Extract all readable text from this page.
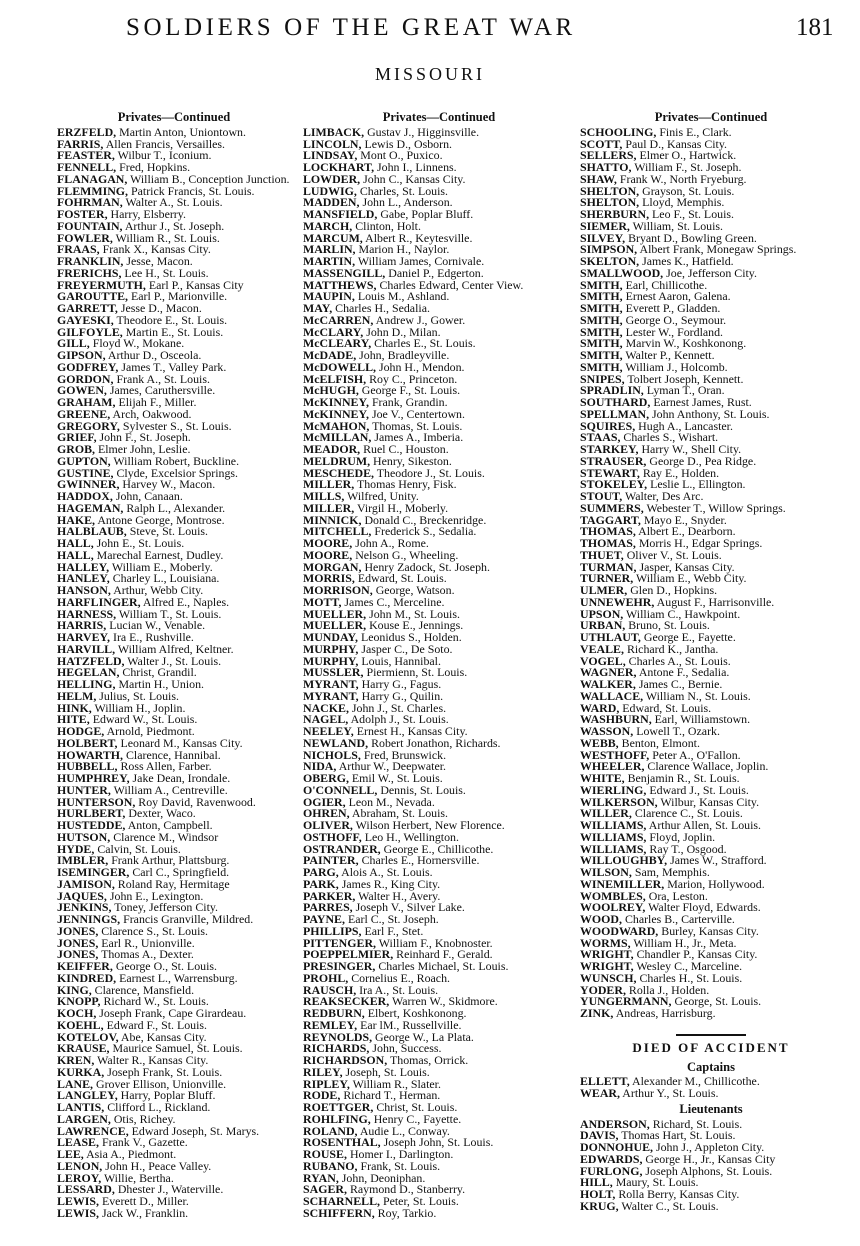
SOLDIERS OF THE GREAT WAR	181
MISSOURI
Privates—Continued
ERZFELD, Martin Anton, Uniontown.
FARRIS, Allen Francis, Versailles.
FEASTER, Wilbur T., Iconium.
FENNELL, Fred, Hopkins.
FLANAGAN, William B., Conception Junction.
FLEMMING, Patrick Francis, St. Louis.
FOHRMAN, Walter A., St. Louis.
FOSTER, Harry, Elsberry.
FOUNTAIN, Arthur J., St. Joseph.
FOWLER, William R., St. Louis.
FRAAS, Frank X., Kansas City.
FRANKLIN, Jesse, Macon.
FRERICHS, Lee H., St. Louis.
FREYERMUTH, Earl P., Kansas City
GAROUTTE, Earl P., Marionville.
GARRETT, Jesse D., Macon.
GAYESKI, Theodore E., St. Louis.
GILFOYLE, Martin E., St. Louis.
GILL, Floyd W., Mokane.
GIPSON, Arthur D., Osceola.
GODFREY, James T., Valley Park.
GORDON, Frank A., St. Louis.
GOWEN, James, Caruthersville.
GRAHAM, Elijah F., Miller.
GREENE, Arch, Oakwood.
GREGORY, Sylvester S., St. Louis.
GRIEF, John F., St. Joseph.
GROB, Elmer John, Leslie.
GUPTON, William Robert, Buckline.
GUSTINE, Clyde, Excelsior Springs.
GWINNER, Harvey W., Macon.
HADDOX, John, Canaan.
HAGEMAN, Ralph L., Alexander.
HAKE, Antone George, Montrose.
HALBLAUB, Steve, St. Louis.
HALL, John E., St. Louis.
HALL, Marechal Earnest, Dudley.
HALLEY, William E., Moberly.
HANLEY, Charley L., Louisiana.
HANSON, Arthur, Webb City.
HARFLINGER, Alfred E., Naples.
HARNESS, William T., St. Louis.
HARRIS, Lucian W., Venable.
HARVEY, Ira E., Rushville.
HARVILL, William Alfred, Keltner.
HATZFELD, Walter J., St. Louis.
HEGELAN, Christ, Grandil.
HELLING, Martin H., Union.
HELM, Julius, St. Louis.
HINK, William H., Joplin.
HITE, Edward W., St. Louis.
HODGE, Arnold, Piedmont.
HOLBERT, Leonard M., Kansas City.
HOWARTH, Clarence, Hannibal.
HUBBELL, Ross Allen, Farber.
HUMPHREY, Jake Dean, Irondale.
HUNTER, William A., Centreville.
HUNTERSON, Roy David, Ravenwood.
HURLBERT, Dexter, Waco.
HUSTEDDE, Anton, Campbell.
HUTSON, Clarence M., Windsor
HYDE, Calvin, St. Louis.
IMBLER, Frank Arthur, Plattsburg.
ISEMINGER, Carl C., Springfield.
JAMISON, Roland Ray, Hermitage
JAQUES, John E., Lexington.
JENKINS, Toney, Jefferson City.
JENNINGS, Francis Granville, Mildred.
JONES, Clarence S., St. Louis.
JONES, Earl R., Unionville.
JONES, Thomas A., Dexter.
KEIFFER, George O., St. Louis.
KINDRED, Earnest L., Warrensburg.
KING, Clarence, Mansfield.
KNOPP, Richard W., St. Louis.
KOCH, Joseph Frank, Cape Girardeau.
KOEHL, Edward F., St. Louis.
KOTELOV, Abe, Kansas City.
KRAUSE, Maurice Samuel, St. Louis.
KREN, Walter R., Kansas City.
KURKA, Joseph Frank, St. Louis.
LANE, Grover Ellison, Unionville.
LANGLEY, Harry, Poplar Bluff.
LANTIS, Clifford L., Rickland.
LARGEN, Otis, Richey.
LAWRENCE, Edward Joseph, St. Marys.
LEASE, Frank V., Gazette.
LEE, Asia A., Piedmont.
LENON, John H., Peace Valley.
LEROY, Willie, Bertha.
LESSARD, Dhester J., Waterville.
LEWIS, Everett D., Miller.
LEWIS, Jack W., Franklin.
Privates—Continued
LIMBACK, Gustav J., Higginsville.
LINCOLN, Lewis D., Osborn.
LINDSAY, Mont O., Puxico.
LOCKHART, John I., Linnens.
LOWDER, John C., Kansas City.
LUDWIG, Charles, St. Louis.
MADDEN, John L., Anderson.
MANSFIELD, Gabe, Poplar Bluff.
MARCH, Clinton, Holt.
MARCUM, Albert R., Keytesville.
MARLIN, Marion H., Naylor.
MARTIN, William James, Cornivale.
MASSENGILL, Daniel P., Edgerton.
MATTHEWS, Charles Edward, Center View.
MAUPIN, Louis M., Ashland.
MAY, Charles H., Sedalia.
McCARREN, Andrew J., Gower.
McCLARY, John D., Milan.
McCLEARY, Charles E., St. Louis.
McDADE, John, Bradleyville.
McDOWELL, John H., Mendon.
McELFISH, Roy C., Princeton.
McHUGH, George F., St. Louis.
McKINNEY, Frank, Grandin.
McKINNEY, Joe V., Centertown.
McMAHON, Thomas, St. Louis.
McMILLAN, James A., Imberia.
MEADOR, Ruel C., Houston.
MELDRUM, Henry, Sikeston.
MESCHEDE, Theodore J., St. Louis.
MILLER, Thomas Henry, Fisk.
MILLS, Wilfred, Unity.
MILLER, Virgil H., Moberly.
MINNICK, Donald C., Breckenridge.
MITCHELL, Frederick S., Sedalia.
MOORE, John A., Rome.
MOORE, Nelson G., Wheeling.
MORGAN, Henry Zadock, St. Joseph.
MORRIS, Edward, St. Louis.
MORRISON, George, Watson.
MOTT, James C., Merceline.
MUELLER, John M., St. Louis.
MUELLER, Kouse E., Jennings.
MUNDAY, Leonidus S., Holden.
MURPHY, Jasper C., De Soto.
MURPHY, Louis, Hannibal.
MUSSLER, Piermienn, St. Louis.
MYRANT, Harry G., Fagus.
MYRANT, Harry G., Quilin.
NACKE, John J., St. Charles.
NAGEL, Adolph J., St. Louis.
NEELEY, Ernest H., Kansas City.
NEWLAND, Robert Jonathon, Richards.
NICHOLS, Fred, Brunswick.
NIDA, Arthur W., Deepwater.
OBERG, Emil W., St. Louis.
O'CONNELL, Dennis, St. Louis.
OGIER, Leon M., Nevada.
OHREN, Abraham, St. Louis.
OLIVER, Wilson Herbert, New Florence.
OSTHOFF, Leo H., Wellington.
OSTRANDER, George E., Chillicothe.
PAINTER, Charles E., Hornersville.
PARG, Alois A., St. Louis.
PARK, James R., King City.
PARKER, Walter H., Avery.
PARRES, Joseph V., Silver Lake.
PAYNE, Earl C., St. Joseph.
PHILLIPS, Earl F., Stet.
PITTENGER, William F., Knobnoster.
POEPPELMIER, Reinhard F., Gerald.
PRESINGER, Charles Michael, St. Louis.
PROHL, Cornelius E., Roach.
RAUSCH, Ira A., St. Louis.
REAKSECKER, Warren W., Skidmore.
REDBURN, Elbert, Koshkonong.
REMLEY, Ear lM., Russellville.
REYNOLDS, George W., La Plata.
RICHARDS, John, Success.
RICHARDSON, Thomas, Orrick.
RILEY, Joseph, St. Louis.
RIPLEY, William R., Slater.
RODE, Richard T., Herman.
ROETTGER, Christ, St. Louis.
ROHLFING, Henry C., Fayette.
ROLAND, Audie L., Conway.
ROSENTHAL, Joseph John, St. Louis.
ROUSE, Homer I., Darlington.
RUBANO, Frank, St. Louis.
RYAN, John, Deoniphan.
SAGER, Raymond D., Stanberry.
SCHARNELL, Peter, St. Louis.
SCHIFFERN, Roy, Tarkio.
Privates—Continued
SCHOOLING, Finis E., Clark.
SCOTT, Paul D., Kansas City.
SELLERS, Elmer O., Hartwick.
SHATTO, William F., St. Joseph.
SHAW, Frank W., North Fryeburg.
SHELTON, Grayson, St. Louis.
SHELTON, Lloyd, Memphis.
SHERBURN, Leo F., St. Louis.
SIEMER, William, St. Louis.
SILVEY, Bryant D., Bowling Green.
SIMPSON, Albert Frank, Monegaw Springs.
SKELTON, James K., Hatfield.
SMALLWOOD, Joe, Jefferson City.
SMITH, Earl, Chillicothe.
SMITH, Ernest Aaron, Galena.
SMITH, Everett P., Gladden.
SMITH, George O., Seymour.
SMITH, Lester W., Fordland.
SMITH, Marvin W., Koshkonong.
SMITH, Walter P., Kennett.
SMITH, William J., Holcomb.
SNIPES, Tolbert Joseph, Kennett.
SPRADLIN, Lyman T., Oran.
SOUTHARD, Earnest James, Rust.
SPELLMAN, John Anthony, St. Louis.
SQUIRES, Hugh A., Lancaster.
STAAS, Charles S., Wishart.
STARKEY, Harry W., Shell City.
STRAUSER, George D., Pea Ridge.
STEWART, Ray E., Holden.
STOKELEY, Leslie L., Ellington.
STOUT, Walter, Des Arc.
SUMMERS, Webester T., Willow Springs.
TAGGART, Mayo E., Snyder.
THOMAS, Albert E., Dearborn.
THOMAS, Morris H., Edgar Springs.
THUET, Oliver V., St. Louis.
TURMAN, Jasper, Kansas City.
TURNER, William E., Webb City.
ULMER, Glen D., Hopkins.
UNNEWEHR, August F., Harrisonville.
UPSON, William C., Hawkpoint.
URBAN, Bruno, St. Louis.
UTHLAUT, George E., Fayette.
VEALE, Richard K., Jantha.
VOGEL, Charles A., St. Louis.
WAGNER, Antone F., Sedalia.
WALKER, James C., Bernie.
WALLACE, William N., St. Louis.
WARD, Edward, St. Louis.
WASHBURN, Earl, Williamstown.
WASSON, Lowell T., Ozark.
WEBB, Benton, Elmont.
WESTHOFF, Peter A., O'Fallon.
WHEELER, Clarence Wallace, Joplin.
WHITE, Benjamin R., St. Louis.
WIERLING, Edward J., St. Louis.
WILKERSON, Wilbur, Kansas City.
WILLER, Clarence C., St. Louis.
WILLIAMS, Arthur Allen, St. Louis.
WILLIAMS, Floyd, Joplin.
WILLIAMS, Ray T., Osgood.
WILLOUGHBY, James W., Strafford.
WILSON, Sam, Memphis.
WINEMILLER, Marion, Hollywood.
WOMBLES, Ora, Leston.
WOOLREY, Walter Floyd, Edwards.
WOOD, Charles B., Carterville.
WOODWARD, Burley, Kansas City.
WORMS, William H., Jr., Meta.
WRIGHT, Chandler P., Kansas City.
WRIGHT, Wesley C., Marceline.
WUNSCH, Charles H., St. Louis.
YODER, Rolla J., Holden.
YUNGERMANN, George, St. Louis.
ZINK, Andreas, Harrisburg.
DIED OF ACCIDENT
Captains
ELLETT, Alexander M., Chillicothe.
WEAR, Arthur Y., St. Louis.
Lieutenants
ANDERSON, Richard, St. Louis.
DAVIS, Thomas Hart, St. Louis.
DONNOHUE, John J., Appleton City.
EDWARDS, George H., Jr., Kansas City
FURLONG, Joseph Alphons, St. Louis.
HILL, Maury, St. Louis.
HOLT, Rolla Berry, Kansas City.
KRUG, Walter C., St. Louis.
